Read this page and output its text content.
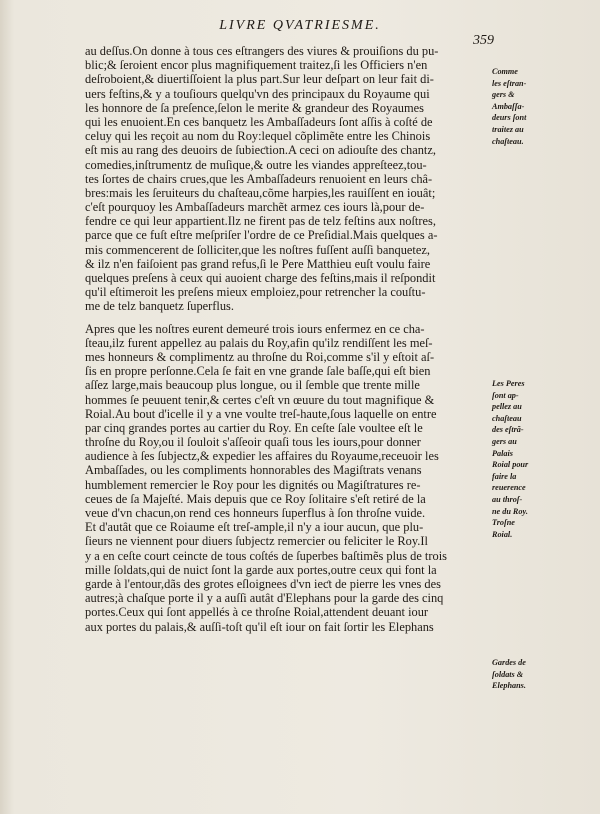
LIVRE QVATRIESME.
359
au deſſus.On donne à tous ces eſtrangers des viures & prouiſions du pu-
blic;& ſeroient encor plus magnifiquement traitez,ſi les Officiers n'en
deſroboient,& diuertiſſoient la plus part.Sur leur deſpart on leur fait di-
uers feſtins,& y a touſiours quelqu'vn des principaux du Royaume qui
les honnore de ſa preſence,ſelon le merite & grandeur des Royaumes
qui les enuoient.En ces banquetz les Ambaſſadeurs ſont aſſis à coſté de
celuy qui les reçoit au nom du Roy:lequel cõplimẽte entre les Chinois
eſt mis au rang des deuoirs de ſubieƈtion.A ceci on adiouſte des chantz,
comedies,inſtrumentz de muſique,& outre les viandes appreſteez,tou-
tes ſortes de chairs crues,que les Ambaſſadeurs renuoient en leurs châ-
bres:mais les ſeruiteurs du chaſteau,cõme harpies,les rauiſſent en iouât;
c'eſt pourquoy les Ambaſſadeurs marchẽt armez ces iours là,pour de-
fendre ce qui leur appartient.Ilz ne firent pas de telz feſtins aux noſtres,
parce que ce fuſt eſtre meſpriſer l'ordre de ce Preſidial.Mais quelques a-
mis commencerent de ſolliciter,que les noſtres fuſſent auſſi banquetez,
& ilz n'en faiſoient pas grand refus,ſi le Pere Matthieu euſt voulu faire
quelques preſens à ceux qui auoient charge des feſtins,mais il reſpondit
qu'il eſtimeroit les preſens mieux emploiez,pour retrencher la couſtu-
me de telz banquetz ſuperflus.
Apres que les noſtres eurent demeuré trois iours enfermez en ce cha-
ſteau,ilz furent appellez au palais du Roy,afin qu'ilz rendiſſent les meſ-
mes honneurs & complimentz au throſne du Roi,comme s'il y eſtoit aſ-
ſis en propre perſonne.Cela ſe fait en vne grande ſale baſſe,qui eſt bien
aſſez large,mais beaucoup plus longue, ou il ſemble que trente mille
hommes ſe peuuent tenir,& certes c'eſt vn œuure du tout magnifique &
Roial.Au bout d'icelle il y a vne voulte treſ-haute,ſous laquelle on entre
par cinq grandes portes au cartier du Roy. En ceſte ſale voultee eſt le
throſne du Roy,ou il ſouloit s'aſſeoir quaſi tous les iours,pour donner
audience à ſes ſubjectz,& expedier les affaires du Royaume,receuoir les
Ambaſſades, ou les compliments honnorables des Magiſtrats venans
humblement remercier le Roy pour les dignités ou Magiſtratures re-
ceues de ſa Majeſté. Mais depuis que ce Roy ſolitaire s'eſt retiré de la
veue d'vn chacun,on rend ces honneurs ſuperflus à ſon throſne vuide.
Et d'autât que ce Roiaume eſt treſ-ample,il n'y a iour aucun, que plu-
ſieurs ne viennent pour diuers ſubjectz remercier ou feliciter le Roy.Il
y a en ceſte court ceincte de tous coſtés de ſuperbes baſtimẽs plus de trois
mille ſoldats,qui de nuict ſont la garde aux portes,outre ceux qui font la
garde à l'entour,dãs des grotes eſloignees d'vn ieƈt de pierre les vnes des
autres;à chaſque porte il y a auſſi autât d'Elephans pour la garde des cinq
portes.Ceux qui ſont appellés à ce throſne Roial,attendent deuant iour
aux portes du palais,& auſſi-toſt qu'il eſt iour on fait ſortir les Elephans
Comme
les eſtran-
gers &
Ambaſſa-
deurs ſont
traitez au
chaſteau.
Les Peres
ſont ap-
pellez au
chaſteau
des eſtrã-
gers au
Palais
Roial pour
faire la
reuerence
au throſ-
ne du Roy.
Troſne
Roial.
Gardes de
ſoldats &
Elephans.
